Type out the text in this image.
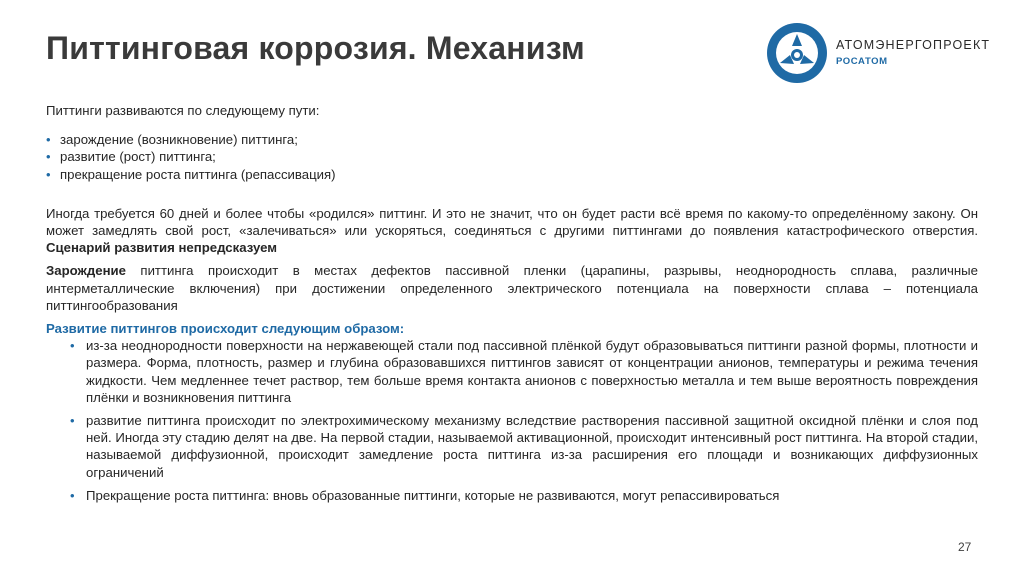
Питтинговая коррозия. Механизм	АТОМЭНЕРГОПРОЕКТ
РОСАТОМ

Питтинги развиваются по следующему пути:

• зарождение (возникновение) питтинга;
• развитие (рост) питтинга;
• прекращение роста питтинга (репассивация)

Иногда требуется 60 дней и более чтобы «родился» питтинг. И это не значит, что он будет расти всё время по какому-то определённому закону. Он может замедлять свой рост, «залечиваться» или ускоряться, соединяться с другими питтингами до появления катастрофического отверстия. Сценарий развития непредсказуем

Зарождение питтинга происходит в местах дефектов пассивной пленки (царапины, разрывы, неоднородность сплава, различные интерметаллические включения) при достижении определенного электрического потенциала на поверхности сплава – потенциала питтингообразования

Развитие питтингов происходит следующим образом:

• из-за неоднородности поверхности на нержавеющей стали под пассивной плёнкой будут образовываться питтинги разной формы, плотности и размера. Форма, плотность, размер и глубина образовавшихся питтингов зависят от концентрации анионов, температуры и режима течения жидкости. Чем медленнее течет раствор, тем больше время контакта анионов с поверхностью металла и тем выше вероятность повреждения плёнки и возникновения питтинга
• развитие питтинга происходит по электрохимическому механизму вследствие растворения пассивной защитной оксидной плёнки и слоя под ней. Иногда эту стадию делят на две. На первой стадии, называемой активационной, происходит интенсивный рост питтинга. На второй стадии, называемой диффузионной, происходит замедление роста питтинга из-за расширения его площади и возникающих диффузионных ограничений
• Прекращение роста питтинга: вновь образованные питтинги, которые не развиваются, могут репассивироваться
27
